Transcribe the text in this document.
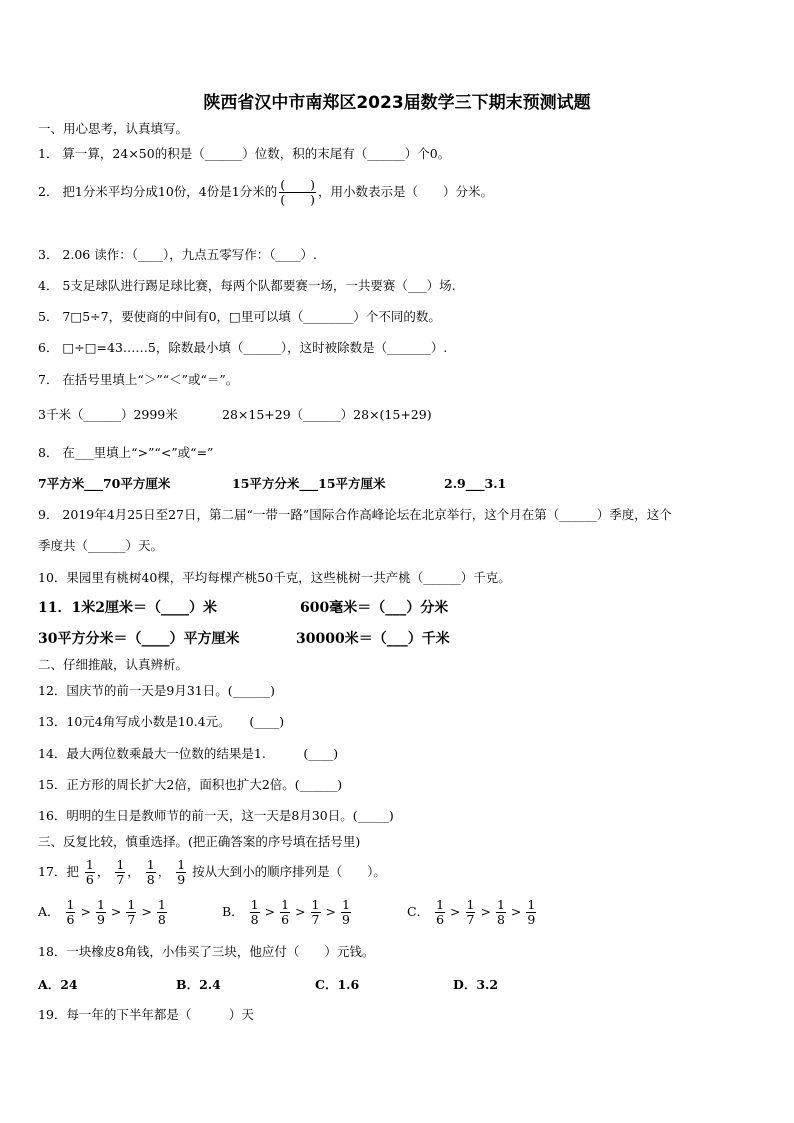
陕西省汉中市南郑区2023届数学三下期末预测试题
一、用心思考，认真填写。
1． 算一算，24×50的积是（______）位数，积的末尾有（______）个0。
2． 把1分米平均分成10份，4份是1分米的 $\frac{( )}{( )}$ ，用小数表示是（　　）分米。
3． 2.06 读作：（____），九点五零写作：（____）.
4． 5支足球队进行踢足球比赛，每两个队都要赛一场，一共要赛（___）场.
5． 7□5÷7，要使商的中间有0，□里可以填（________）个不同的数。
6． □÷□=43……5，除数最小填（______），这时被除数是（_______）.
7． 在括号里填上“＞”“＜”或“＝”。
3千米（______）2999米	28×15+29（______）28×(15+29)
8． 在___里填上“>”“<”或“=”
7平方米___70平方厘米	15平方分米___15平方厘米	2.9___3.1
9． 2019年4月25日至27日，第二届“一带一路”国际合作高峰论坛在北京举行，这个月在第（______）季度，这个
季度共（______）天。
10．果园里有桃树40棵，平均每棵产桃50千克，这些桃树一共产桃（______）千克。
11．1米2厘米＝（____）米	600毫米＝（___）分米
30平方分米＝（____）平方厘米	30000米＝（___）千米
二、仔细推敲，认真辨析。
12．国庆节的前一天是9月31日。(______)
13．10元4角写成小数是10.4元。　　(____)
14．最大两位数乘最大一位数的结果是1.　　　(____)
15．正方形的周长扩大2倍，面积也扩大2倍。(______)
16．明明的生日是教师节的前一天，这一天是8月30日。(_____)
三、反复比较，慎重选择。(把正确答案的序号填在括号里)
17．把 $\frac{1}{6}$ ， $\frac{1}{7}$ ， $\frac{1}{8}$ ， $\frac{1}{9}$ 按从大到小的顺序排列是（　　）。
A． $\frac{1}{6} > \frac{1}{9} > \frac{1}{7} > \frac{1}{8}$	B． $\frac{1}{8} > \frac{1}{6} > \frac{1}{7} > \frac{1}{9}$	C． $\frac{1}{6} > \frac{1}{7} > \frac{1}{8} > \frac{1}{9}$
18．一块橡皮8角钱，小伟买了三块，他应付（　　）元钱。
A．24	B．2.4	C．1.6	D．3.2
19．每一年的下半年都是（　　　）天
